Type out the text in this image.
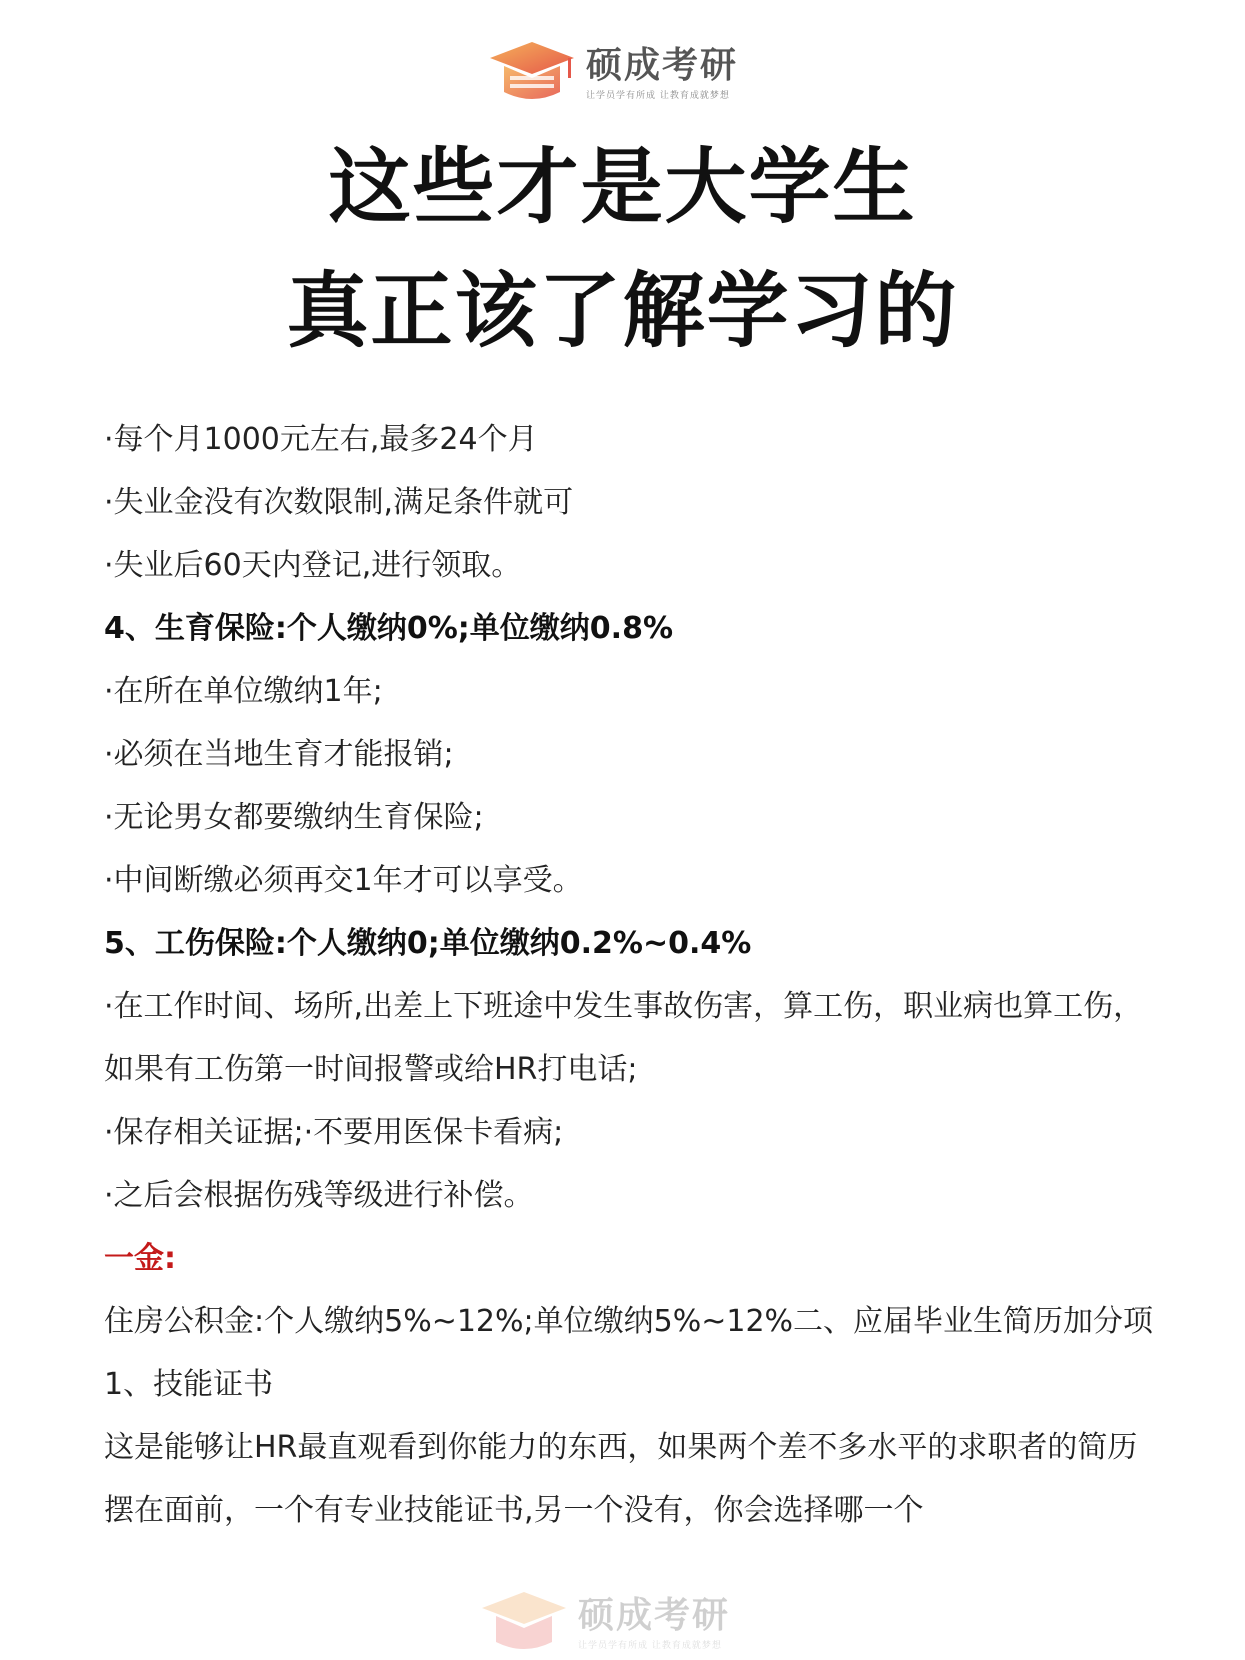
硕成考研
让学员学有所成 让教育成就梦想
这些才是大学生
真正该了解学习的
·每个月1000元左右,最多24个月
·失业金没有次数限制,满足条件就可
·失业后60天内登记,进行领取。
4、生育保险:个人缴纳0%;单位缴纳0.8%
·在所在单位缴纳1年;
·必须在当地生育才能报销;
·无论男女都要缴纳生育保险;
·中间断缴必须再交1年才可以享受。
5、工伤保险:个人缴纳0;单位缴纳0.2%~0.4%
·在工作时间、场所,出差上下班途中发生事故伤害，算工伤，职业病也算工伤，如果有工伤第一时间报警或给HR打电话;
·保存相关证据;·不要用医保卡看病;
·之后会根据伤残等级进行补偿。
一金:
住房公积金:个人缴纳5%~12%;单位缴纳5%~12%二、应届毕业生简历加分项
1、技能证书
这是能够让HR最直观看到你能力的东西，如果两个差不多水平的求职者的简历摆在面前，一个有专业技能证书,另一个没有，你会选择哪一个
硕成考研
让学员学有所成 让教育成就梦想
